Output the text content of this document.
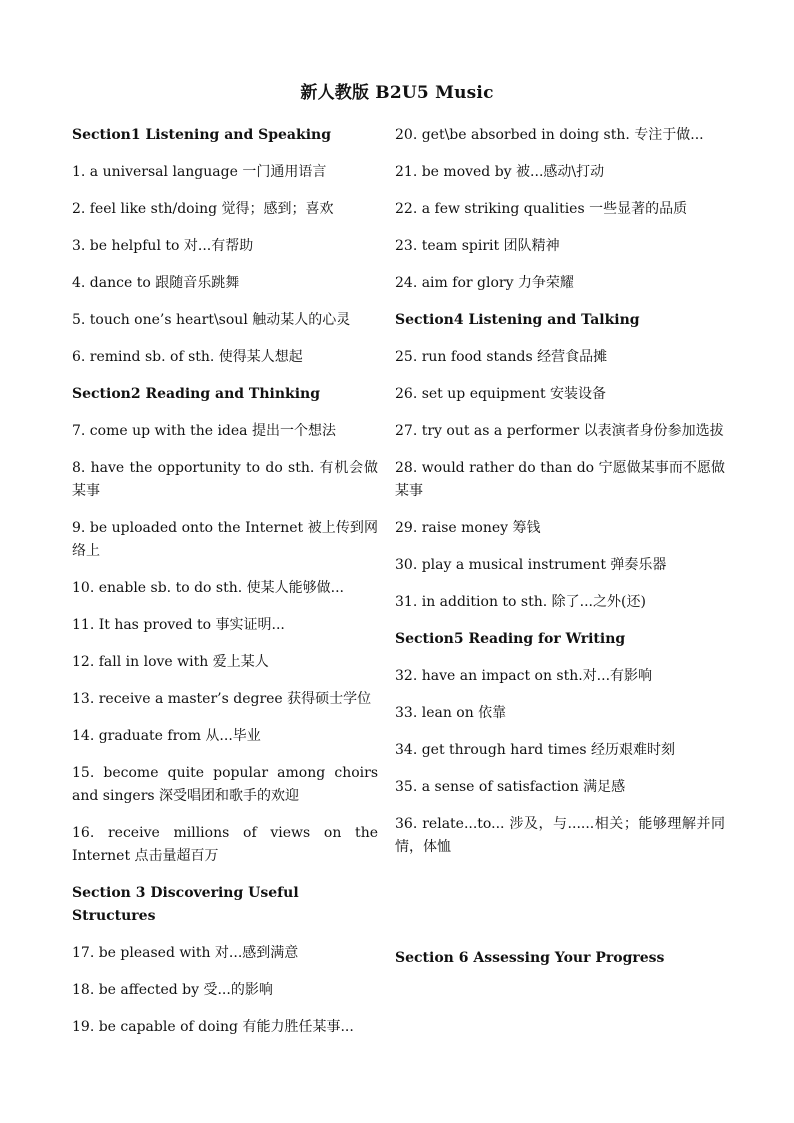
新人教版 B2U5 Music
Section1 Listening and Speaking
1. a universal language 一门通用语言
2. feel like sth/doing 觉得；感到；喜欢
3. be helpful to 对...有帮助
4. dance to 跟随音乐跳舞
5. touch one’s heart\soul 触动某人的心灵
6. remind sb. of sth. 使得某人想起
Section2 Reading and Thinking
7. come up with the idea 提出一个想法
8. have the opportunity to do sth. 有机会做某事
9. be uploaded onto the Internet 被上传到网络上
10. enable sb. to do sth. 使某人能够做...
11. It has proved to 事实证明...
12. fall in love with 爱上某人
13. receive a master’s degree 获得硕士学位
14. graduate from 从...毕业
15. become quite popular among choirs and singers 深受唱团和歌手的欢迎
16. receive millions of views on the Internet 点击量超百万
Section 3 Discovering Useful Structures
17. be pleased with 对...感到满意
18. be affected by 受...的影响
19. be capable of doing 有能力胜任某事...
20. get\be absorbed in doing sth. 专注于做...
21. be moved by 被...感动\打动
22. a few striking qualities 一些显著的品质
23. team spirit 团队精神
24. aim for glory 力争荣耀
Section4 Listening and Talking
25. run food stands 经营食品摊
26. set up equipment 安装设备
27. try out as a performer 以表演者身份参加选拔
28. would rather do than do 宁愿做某事而不愿做某事
29. raise money 筹钱
30. play a musical instrument 弹奏乐器
31. in addition to sth. 除了...之外(还)
Section5 Reading for Writing
32. have an impact on sth.对...有影响
33. lean on 依靠
34. get through hard times 经历艰难时刻
35. a sense of satisfaction 满足感
36. relate...to... 涉及，与......相关；能够理解并同情，体恤
Section 6 Assessing Your Progress
